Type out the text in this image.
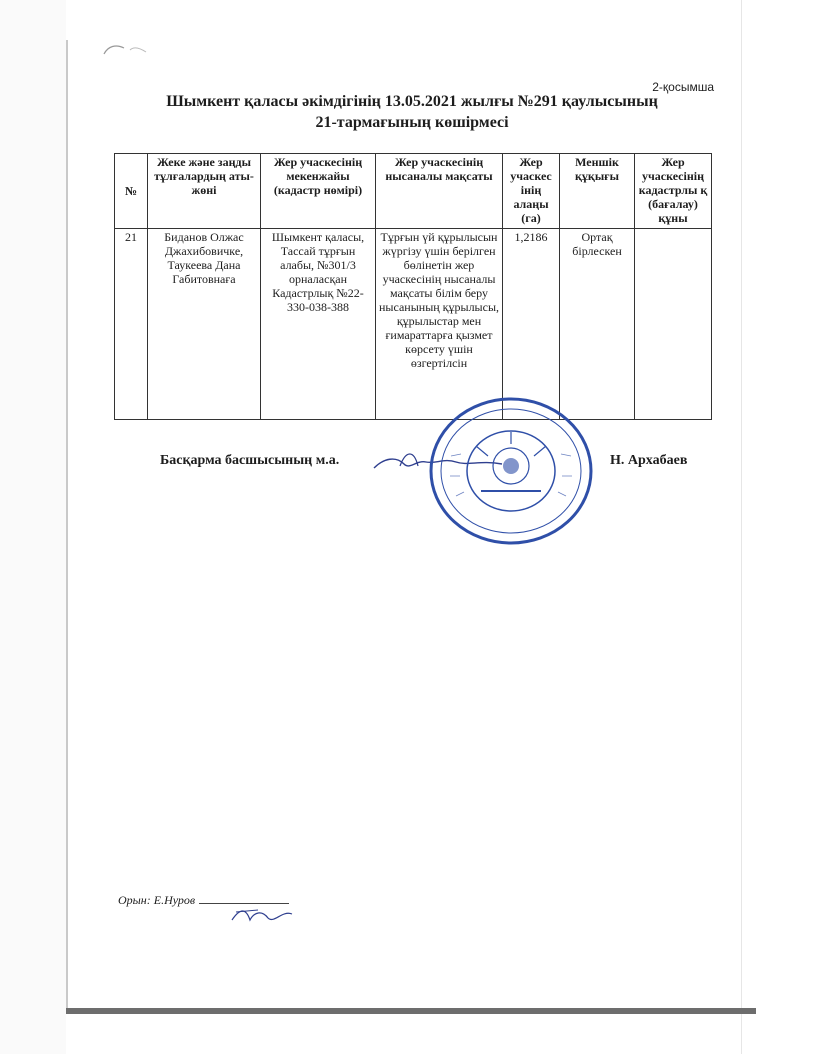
2-қосымша
Шымкент қаласы әкімдігінің 13.05.2021 жылғы №291 қаулысының
21-тармағының көшірмесі
№	Жеке және заңды тұлғалардың аты-жөні	Жер учаскесінің мекенжайы (кадастр нөмірі)	Жер учаскесінің нысаналы мақсаты	Жер учаскес інің алаңы (га)	Меншік құқығы	Жер учаскесінің кадастрлы қ (бағалау) құны
21	Биданов Олжас Джахибовичке, Таукеева Дана Габитовнаға	Шымкент қаласы, Тассай тұрғын алабы, №301/3 орналасқан Кадастрлық №22-330-038-388	Тұрғын үй құрылысын жүргізу үшін берілген бөлінетін жер учаскесінің нысаналы мақсаты білім беру нысанының құрылысы, құрылыстар мен ғимараттарға қызмет көрсету үшін өзгертілсін	1,2186	Ортақ бірлескен	
Басқарма басшысының м.а.	Н. Архабаев
Орын: Е.Нуров
